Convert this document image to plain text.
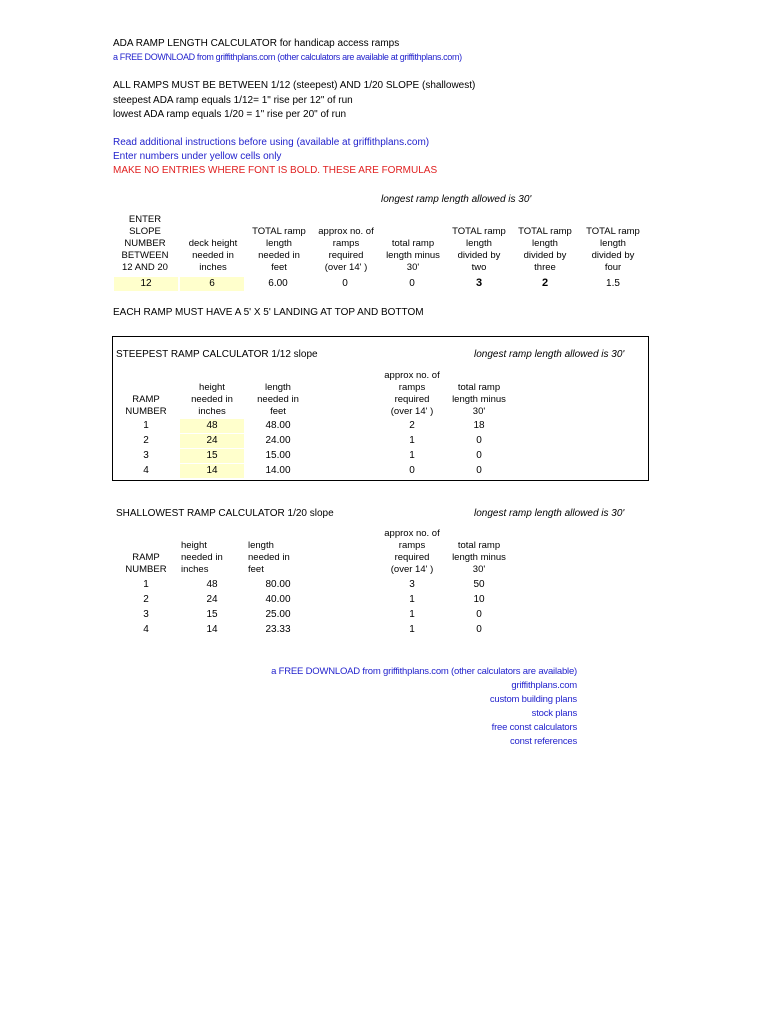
ADA RAMP LENGTH CALCULATOR for handicap access ramps
a FREE DOWNLOAD from griffithplans.com (other calculators are available at griffithplans.com)
ALL RAMPS MUST BE BETWEEN 1/12 (steepest) AND 1/20 SLOPE (shallowest)
steepest ADA ramp equals 1/12= 1" rise per 12" of run
lowest ADA ramp equals 1/20 = 1" rise per 20" of run
Read additional instructions before using (available at griffithplans.com)
Enter numbers under yellow cells only
MAKE NO ENTRIES WHERE FONT IS BOLD. THESE ARE FORMULAS
longest ramp length allowed is 30'
ENTER
SLOPE
NUMBER
BETWEEN
12 AND 20
deck height
needed in
inches
TOTAL ramp
length
needed in
feet
approx no. of
ramps
required
(over 14' )
total ramp
length minus
30'
TOTAL ramp
length
divided by
two
TOTAL ramp
length
divided by
three
TOTAL ramp
length
divided by
four
12	6	6.00	0	0	3	2	1.5
EACH RAMP MUST HAVE A 5' X 5' LANDING AT TOP AND BOTTOM
STEEPEST RAMP CALCULATOR 1/12 slope	longest ramp length allowed is 30'
RAMP
NUMBER
height
needed in
inches
length
needed in
feet
approx no. of
ramps
required
(over 14' )
total ramp
length minus
30'
1	48	48.00	2	18
2	24	24.00	1	0
3	15	15.00	1	0
4	14	14.00	0	0
SHALLOWEST RAMP CALCULATOR 1/20 slope	longest ramp length allowed is 30'
RAMP
NUMBER
height
needed in
inches
length
needed in
feet
approx no. of
ramps
required
(over 14' )
total ramp
length minus
30'
1	48	80.00	3	50
2	24	40.00	1	10
3	15	25.00	1	0
4	14	23.33	1	0
a FREE DOWNLOAD from griffithplans.com (other calculators are available)
griffithplans.com
custom building plans
stock plans
free const calculators
const references
